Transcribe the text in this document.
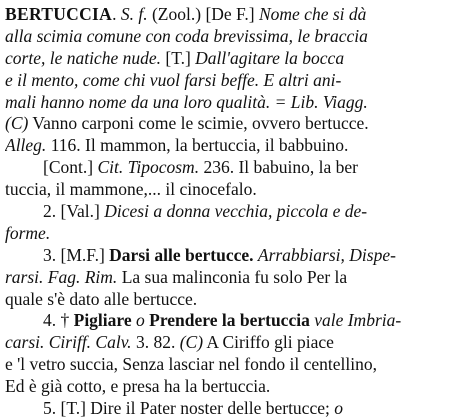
BERTUCCIA. S. f. (Zool.) [De F.] Nome che si dà
alla scimia comune con coda brevissima, le braccia
corte, le natiche nude. [T.] Dall'agitare la bocca
e il mento, come chi vuol farsi beffe. E altri ani-
mali hanno nome da una loro qualità. = Lib. Viagg.
(C) Vanno carponi come le scimie, ovvero bertucce.
Alleg. 116. Il mammon, la bertuccia, il babbuino.
[Cont.] Cit. Tipocosm. 236. Il babuino, la ber
tuccia, il mammone,... il cinocefalo.
2. [Val.] Dicesi a donna vecchia, piccola e de-
forme.
3. [M.F.] Darsi alle bertucce. Arrabbiarsi, Dispe-
rarsi. Fag. Rim. La sua malinconia fu solo Per la
quale s'è dato alle bertucce.
4. † Pigliare o Prendere la bertuccia vale Imbria-
carsi. Ciriff. Calv. 3. 82. (C) A Ciriffo gli piace
e 'l vetro succia, Senza lasciar nel fondo il centellino,
Ed è già cotto, e presa ha la bertuccia.
5. [T.] Dire il Pater noster delle bertucce; o
